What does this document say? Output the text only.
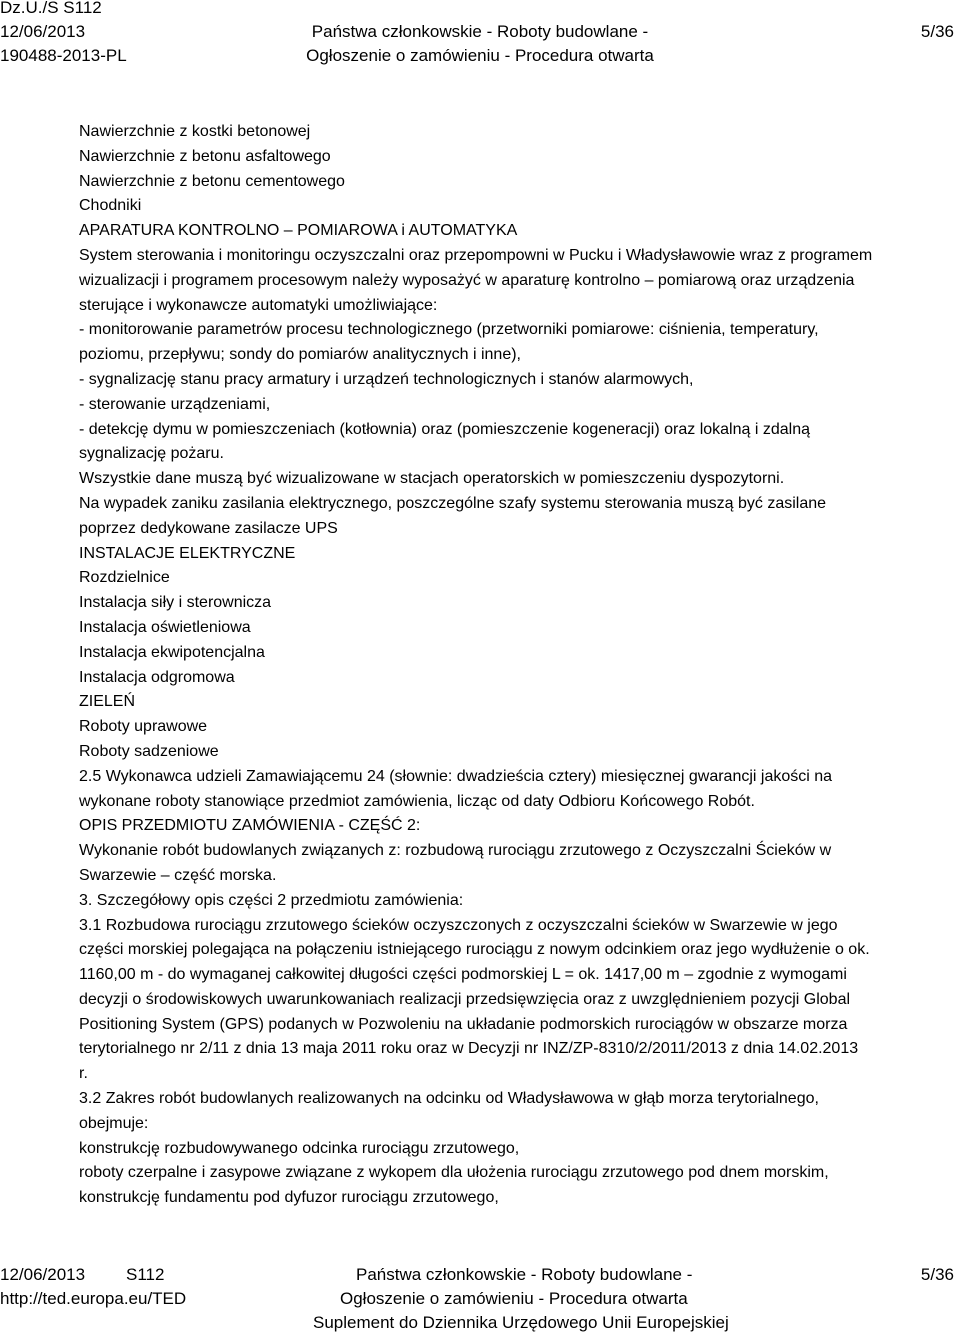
Dz.U./S S112
12/06/2013
190488-2013-PL
Państwa członkowskie - Roboty budowlane -
Ogłoszenie o zamówieniu - Procedura otwarta
5/36
Nawierzchnie z kostki betonowej
Nawierzchnie z betonu asfaltowego
Nawierzchnie z betonu cementowego
Chodniki
APARATURA KONTROLNO – POMIAROWA i AUTOMATYKA
System sterowania i monitoringu oczyszczalni oraz przepompowni w Pucku i Władysławowie wraz z programem
wizualizacji i programem procesowym należy wyposażyć w aparaturę kontrolno – pomiarową oraz urządzenia
sterujące i wykonawcze automatyki umożliwiające:
- monitorowanie parametrów procesu technologicznego (przetworniki pomiarowe: ciśnienia, temperatury,
poziomu, przepływu; sondy do pomiarów analitycznych i inne),
- sygnalizację stanu pracy armatury i urządzeń technologicznych i stanów alarmowych,
- sterowanie urządzeniami,
- detekcję dymu w pomieszczeniach (kotłownia) oraz (pomieszczenie kogeneracji) oraz lokalną i zdalną
sygnalizację pożaru.
Wszystkie dane muszą być wizualizowane w stacjach operatorskich w pomieszczeniu dyspozytorni.
Na wypadek zaniku zasilania elektrycznego, poszczególne szafy systemu sterowania muszą być zasilane
poprzez dedykowane zasilacze UPS
INSTALACJE ELEKTRYCZNE
Rozdzielnice
Instalacja siły i sterownicza
Instalacja oświetleniowa
Instalacja ekwipotencjalna
Instalacja odgromowa
ZIELEŃ
Roboty uprawowe
Roboty sadzeniowe
2.5 Wykonawca udzieli Zamawiającemu 24 (słownie: dwadzieścia cztery) miesięcznej gwarancji jakości na
wykonane roboty stanowiące przedmiot zamówienia, licząc od daty Odbioru Końcowego Robót.
OPIS PRZEDMIOTU ZAMÓWIENIA - CZĘŚĆ 2:
Wykonanie robót budowlanych związanych z: rozbudową rurociągu zrzutowego z Oczyszczalni Ścieków w
Swarzewie – część morska.
3. Szczegółowy opis części 2 przedmiotu zamówienia:
3.1 Rozbudowa rurociągu zrzutowego ścieków oczyszczonych z oczyszczalni ścieków w Swarzewie w jego
części morskiej polegająca na połączeniu istniejącego rurociągu z nowym odcinkiem oraz jego wydłużenie o ok.
1160,00 m - do wymaganej całkowitej długości części podmorskiej L = ok. 1417,00 m – zgodnie z wymogami
decyzji o środowiskowych uwarunkowaniach realizacji przedsięwzięcia oraz z uwzględnieniem pozycji Global
Positioning System (GPS) podanych w Pozwoleniu na układanie podmorskich rurociągów w obszarze morza
terytorialnego nr 2/11 z dnia 13 maja 2011 roku oraz w Decyzji nr INZ/ZP-8310/2/2011/2013 z dnia 14.02.2013
r.
3.2 Zakres robót budowlanych realizowanych na odcinku od Władysławowa w głąb morza terytorialnego,
obejmuje:
konstrukcję rozbudowywanego odcinka rurociągu zrzutowego,
roboty czerpalne i zasypowe związane z wykopem dla ułożenia rurociągu zrzutowego pod dnem morskim,
konstrukcję fundamentu pod dyfuzor rurociągu zrzutowego,
12/06/2013 S112
http://ted.europa.eu/TED
Państwa członkowskie - Roboty budowlane -
Ogłoszenie o zamówieniu - Procedura otwarta
Suplement do Dziennika Urzędowego Unii Europejskiej
5/36
